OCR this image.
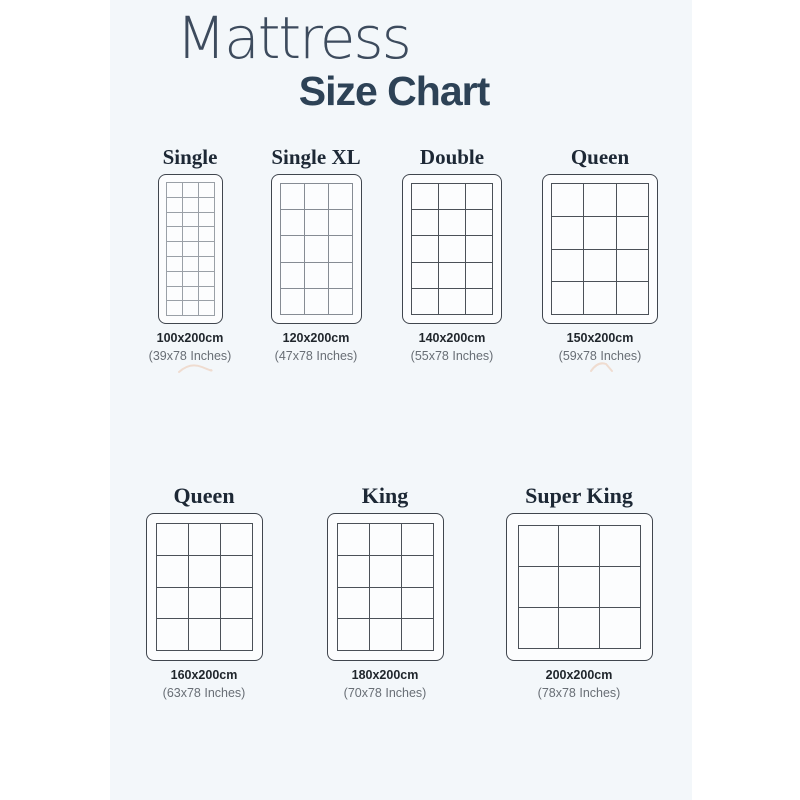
Mattress
Size Chart
Single
100x200cm
(39x78 Inches)
Single XL
120x200cm
(47x78 Inches)
Double
140x200cm
(55x78 Inches)
Queen
150x200cm
(59x78 Inches)
Queen
160x200cm
(63x78 Inches)
King
180x200cm
(70x78 Inches)
Super King
200x200cm
(78x78 Inches)
